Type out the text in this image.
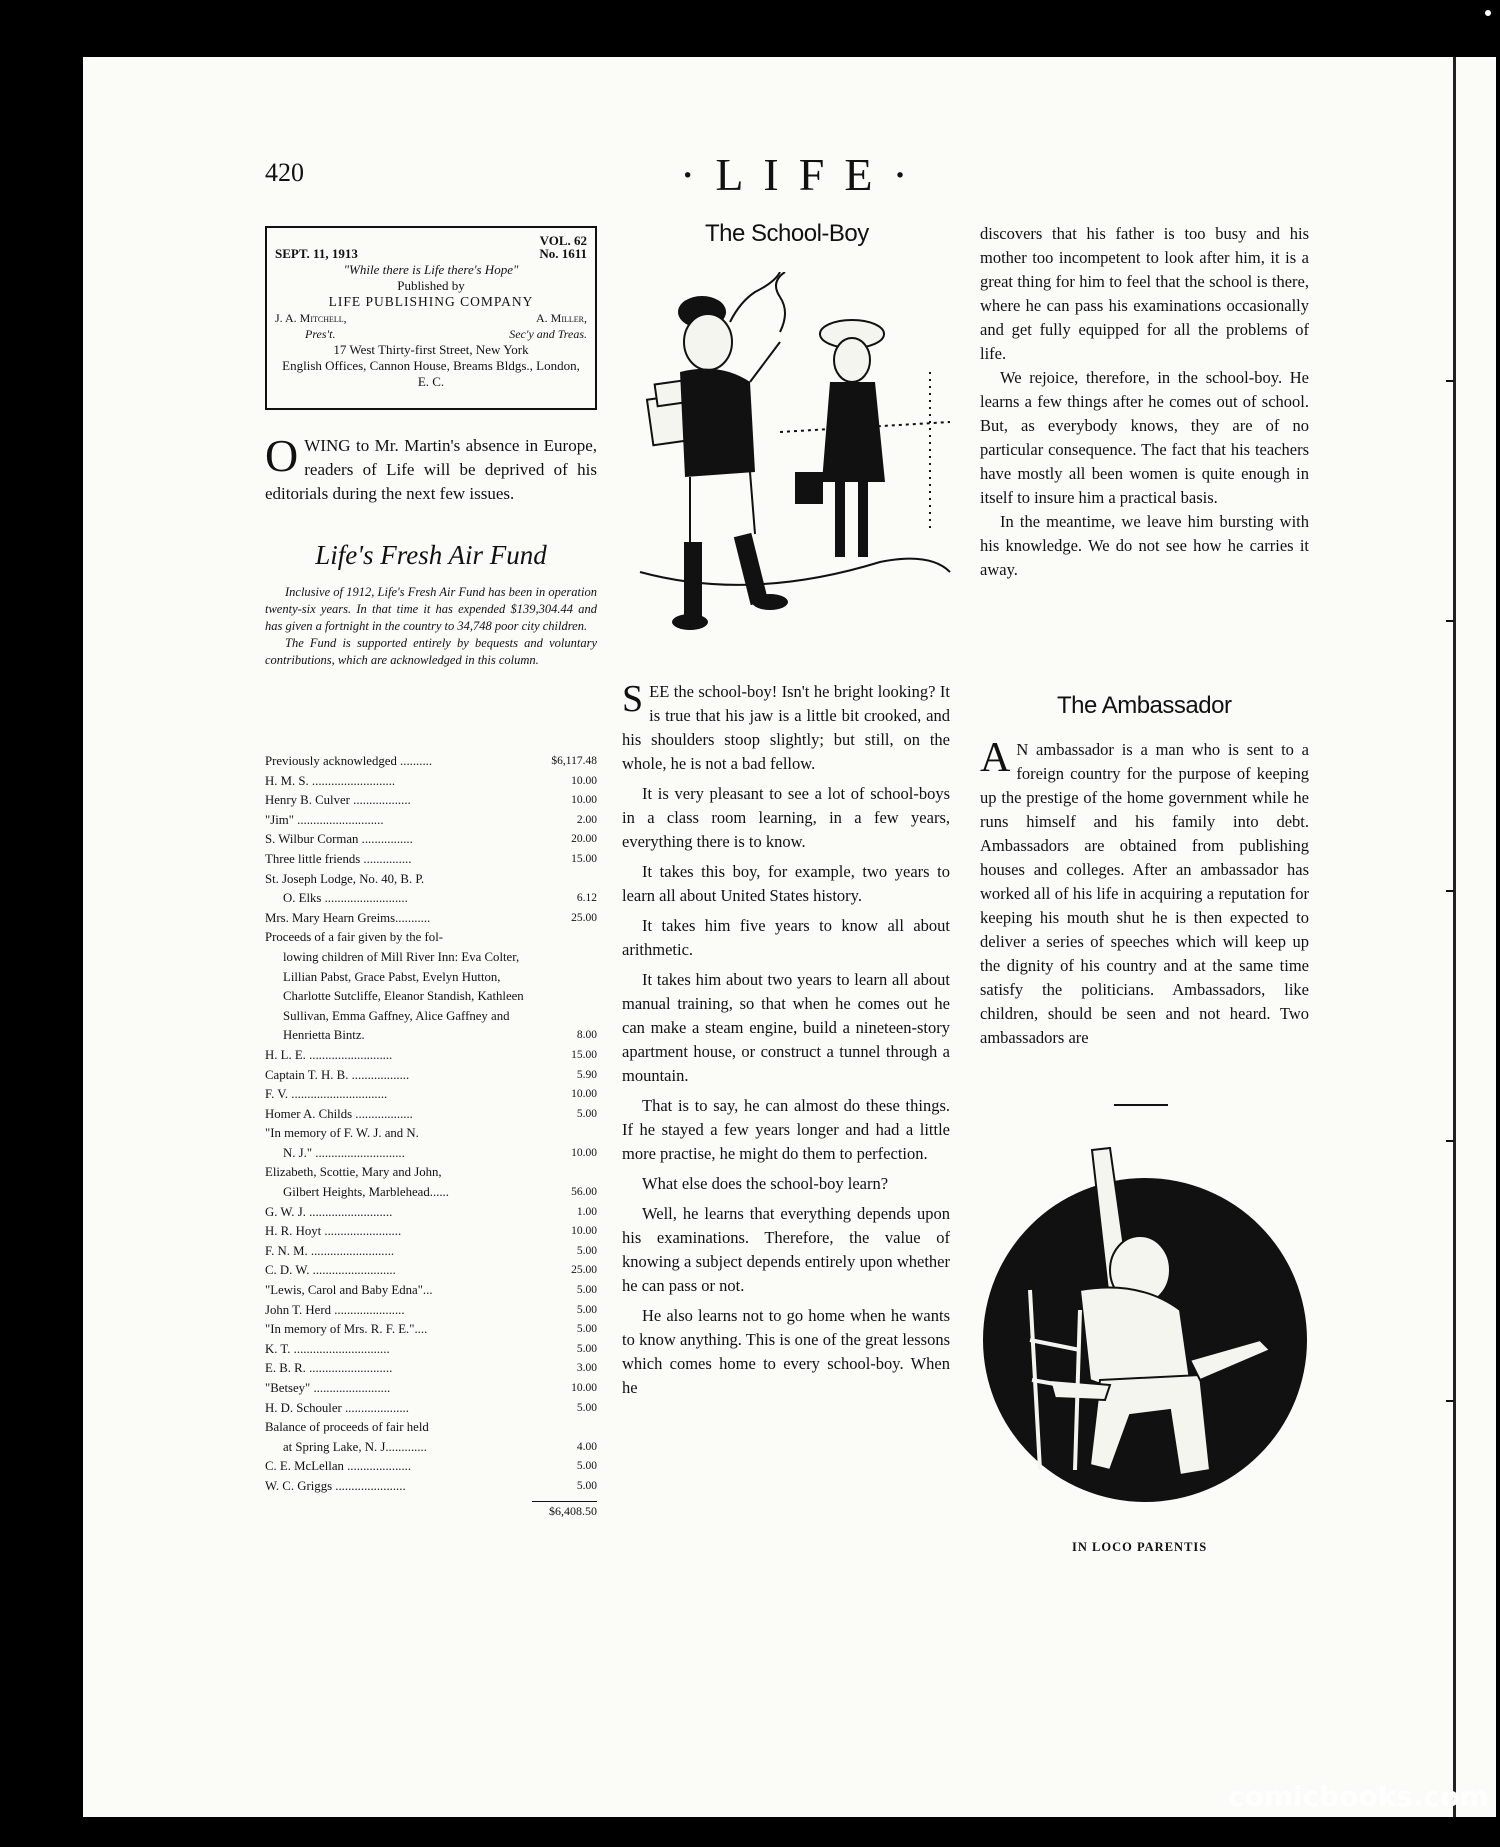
420	·LIFE·
SEPT. 11, 1913
VOL. 62
No. 1611
"While there is Life there's Hope"
Published by
LIFE PUBLISHING COMPANY
J. A. Mitchell,	A. Miller,
Pres't.	Sec'y and Treas.
17 West Thirty-first Street, New York
English Offices, Cannon House, Breams Bldgs., London, E. C.
O WING to Mr. Martin's absence in Europe, readers of Life will be deprived of his editorials during the next few issues.
Life's Fresh Air Fund

Inclusive of 1912, Life's Fresh Air Fund has been in operation twenty-six years. In that time it has expended $139,304.44 and has given a fortnight in the country to 34,748 poor city children.

The Fund is supported entirely by bequests and voluntary contributions, which are acknowledged in this column.

Previously acknowledged ..........	$6,117.48
H. M. S. ..........................	10.00
Henry B. Culver ..................	10.00
"Jim" ...........................	2.00
S. Wilbur Corman ................	20.00
Three little friends ...............	15.00
St. Joseph Lodge, No. 40, B. P.
O. Elks ..........................	6.12
Mrs. Mary Hearn Greims...........	25.00
Proceeds of a fair given by the fol-
lowing children of Mill River Inn: Eva Colter, Lillian Pabst, Grace Pabst, Evelyn Hutton, Charlotte Sutcliffe, Eleanor Standish, Kathleen Sullivan, Emma Gaffney, Alice Gaffney and Henrietta Bintz.	8.00
H. L. E. ..........................	15.00
Captain T. H. B. ..................	5.90
F. V. ..............................	10.00
Homer A. Childs ..................	5.00
"In memory of F. W. J. and N.
N. J." ............................	10.00
Elizabeth, Scottie, Mary and John,
Gilbert Heights, Marblehead......	56.00
G. W. J. ..........................	1.00
H. R. Hoyt ........................	10.00
F. N. M. ..........................	5.00
C. D. W. ..........................	25.00
"Lewis, Carol and Baby Edna"...	5.00
John T. Herd ......................	5.00
"In memory of Mrs. R. F. E."....	5.00
K. T. ..............................	5.00
E. B. R. ..........................	3.00
"Betsey" ........................	10.00
H. D. Schouler ....................	5.00
Balance of proceeds of fair held
at Spring Lake, N. J.............	4.00
C. E. McLellan ....................	5.00
W. C. Griggs ......................	5.00
$6,408.50
The School-Boy

SEE the school-boy! Isn't he bright looking? It is true that his jaw is a little bit crooked, and his shoulders stoop slightly; but still, on the whole, he is not a bad fellow.

It is very pleasant to see a lot of school-boys in a class room learning, in a few years, everything there is to know.

It takes this boy, for example, two years to learn all about United States history.

It takes him five years to know all about arithmetic.

It takes him about two years to learn all about manual training, so that when he comes out he can make a steam engine, build a nineteen-story apartment house, or construct a tunnel through a mountain.

That is to say, he can almost do these things. If he stayed a few years longer and had a little more practise, he might do them to perfection.

What else does the school-boy learn?

Well, he learns that everything depends upon his examinations. Therefore, the value of knowing a subject depends entirely upon whether he can pass or not.

He also learns not to go home when he wants to know anything. This is one of the great lessons which comes home to every school-boy. When he

discovers that his father is too busy and his mother too incompetent to look after him, it is a great thing for him to feel that the school is there, where he can pass his examinations occasionally and get fully equipped for all the problems of life.

We rejoice, therefore, in the school-boy. He learns a few things after he comes out of school. But, as everybody knows, they are of no particular consequence. The fact that his teachers have mostly all been women is quite enough in itself to insure him a practical basis.

In the meantime, we leave him bursting with his knowledge. We do not see how he carries it away.

The Ambassador
A N ambassador is a man who is sent to a foreign country for the purpose of keeping up the prestige of the home government while he runs himself and his family into debt. Ambassadors are obtained from publishing houses and colleges. After an ambassador has worked all of his life in acquiring a reputation for keeping his mouth shut he is then expected to deliver a series of speeches which will keep up the dignity of his country and at the same time satisfy the politicians. Ambassadors, like children, should be seen and not heard. Two ambassadors are
IN LOCO PARENTIS
comicbooks.com
